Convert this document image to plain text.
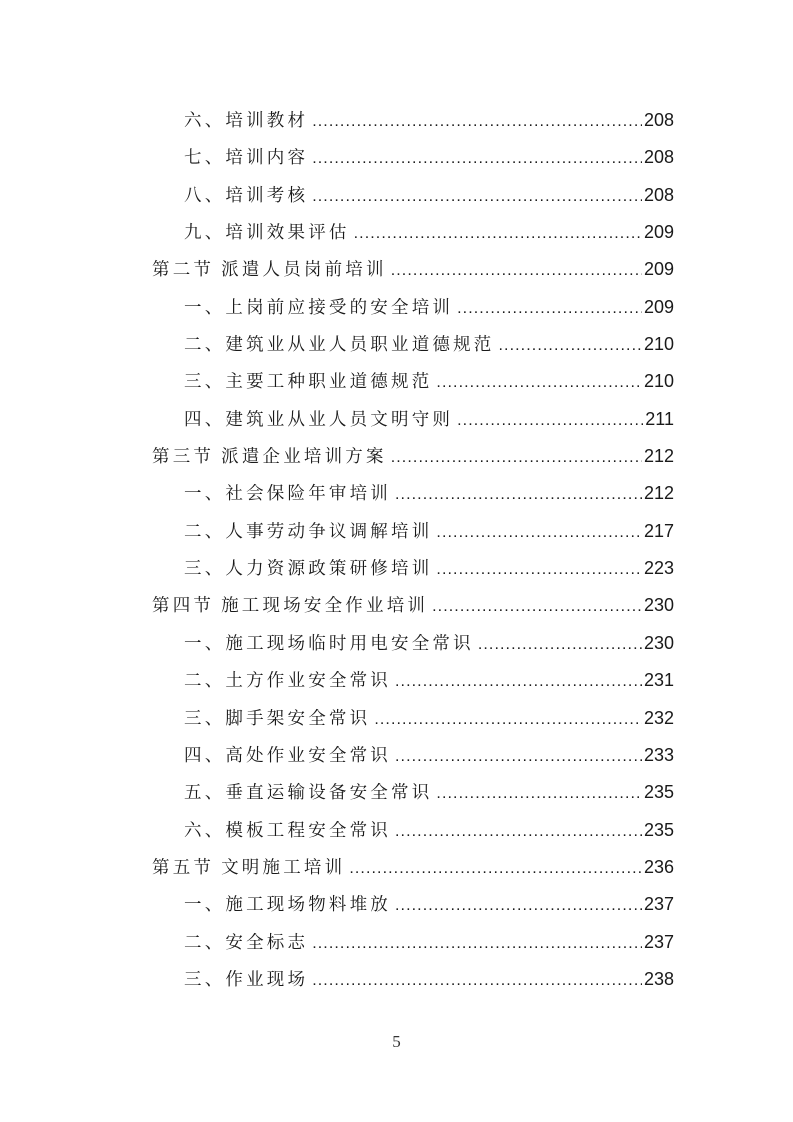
六、培训教材 .....	208
七、培训内容 .....	208
八、培训考核 .....	208
九、培训效果评估 .....	209
第二节 派遣人员岗前培训 .....	209
一、上岗前应接受的安全培训 .....	209
二、建筑业从业人员职业道德规范 .....	210
三、主要工种职业道德规范 .....	210
四、建筑业从业人员文明守则 .....	211
第三节 派遣企业培训方案 .....	212
一、社会保险年审培训 .....	212
二、人事劳动争议调解培训 .....	217
三、人力资源政策研修培训 .....	223
第四节 施工现场安全作业培训 .....	230
一、施工现场临时用电安全常识 .....	230
二、土方作业安全常识 .....	231
三、脚手架安全常识 .....	232
四、高处作业安全常识 .....	233
五、垂直运输设备安全常识 .....	235
六、模板工程安全常识 .....	235
第五节 文明施工培训 .....	236
一、施工现场物料堆放 .....	237
二、安全标志 .....	237
三、作业现场 .....	238
5
